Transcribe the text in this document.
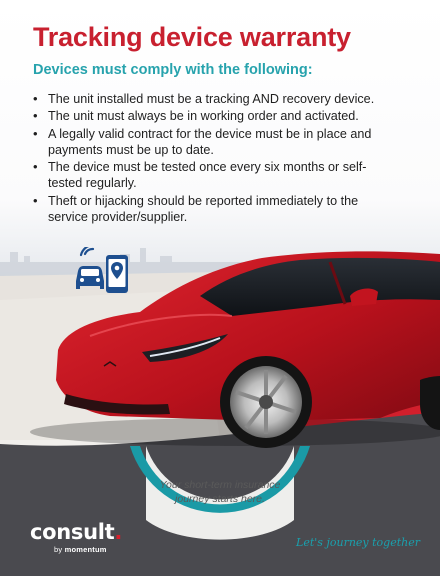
Tracking device warranty
Devices must comply with the following:
• The unit installed must be a tracking AND recovery device.
• The unit must always be in working order and activated.
• A legally valid contract for the device must be in place and payments must be up to date.
• The device must be tested once every six months or self-tested regularly.
• Theft or hijacking should be reported immediately to the service provider/supplier.

Your short-term insurance
journey starts here.

consult.

by momentum

Let's journey together
